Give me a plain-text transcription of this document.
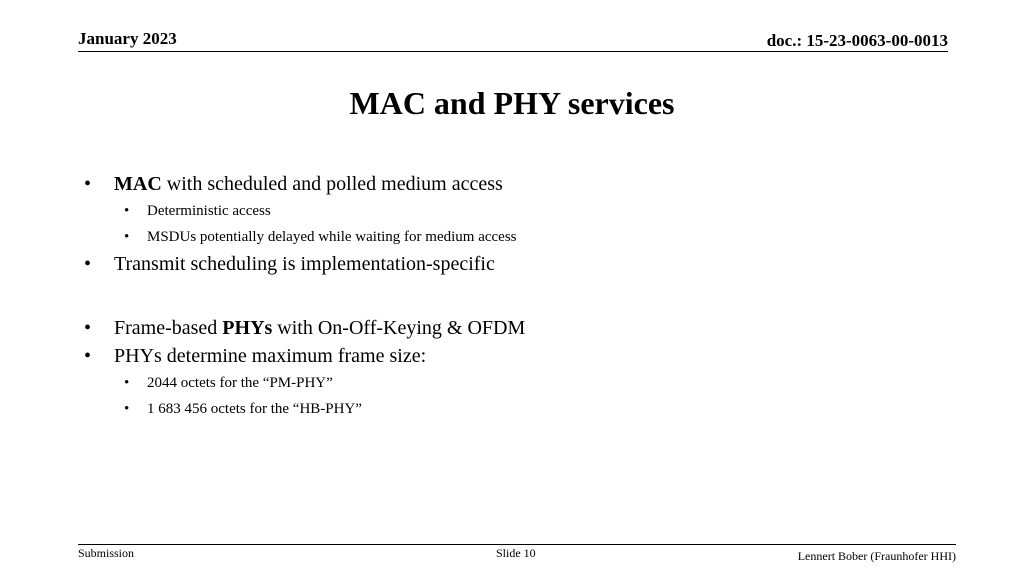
January 2023	doc.: 15-23-0063-00-0013
MAC and PHY services
• MAC with scheduled and polled medium access
• Deterministic access
• MSDUs potentially delayed while waiting for medium access
• Transmit scheduling is implementation-specific
• Frame-based PHYs with On-Off-Keying & OFDM
• PHYs determine maximum frame size:
• 2044 octets for the “PM-PHY”
• 1 683 456 octets for the “HB-PHY”
Submission	Slide 10	Lennert Bober (Fraunhofer HHI)
